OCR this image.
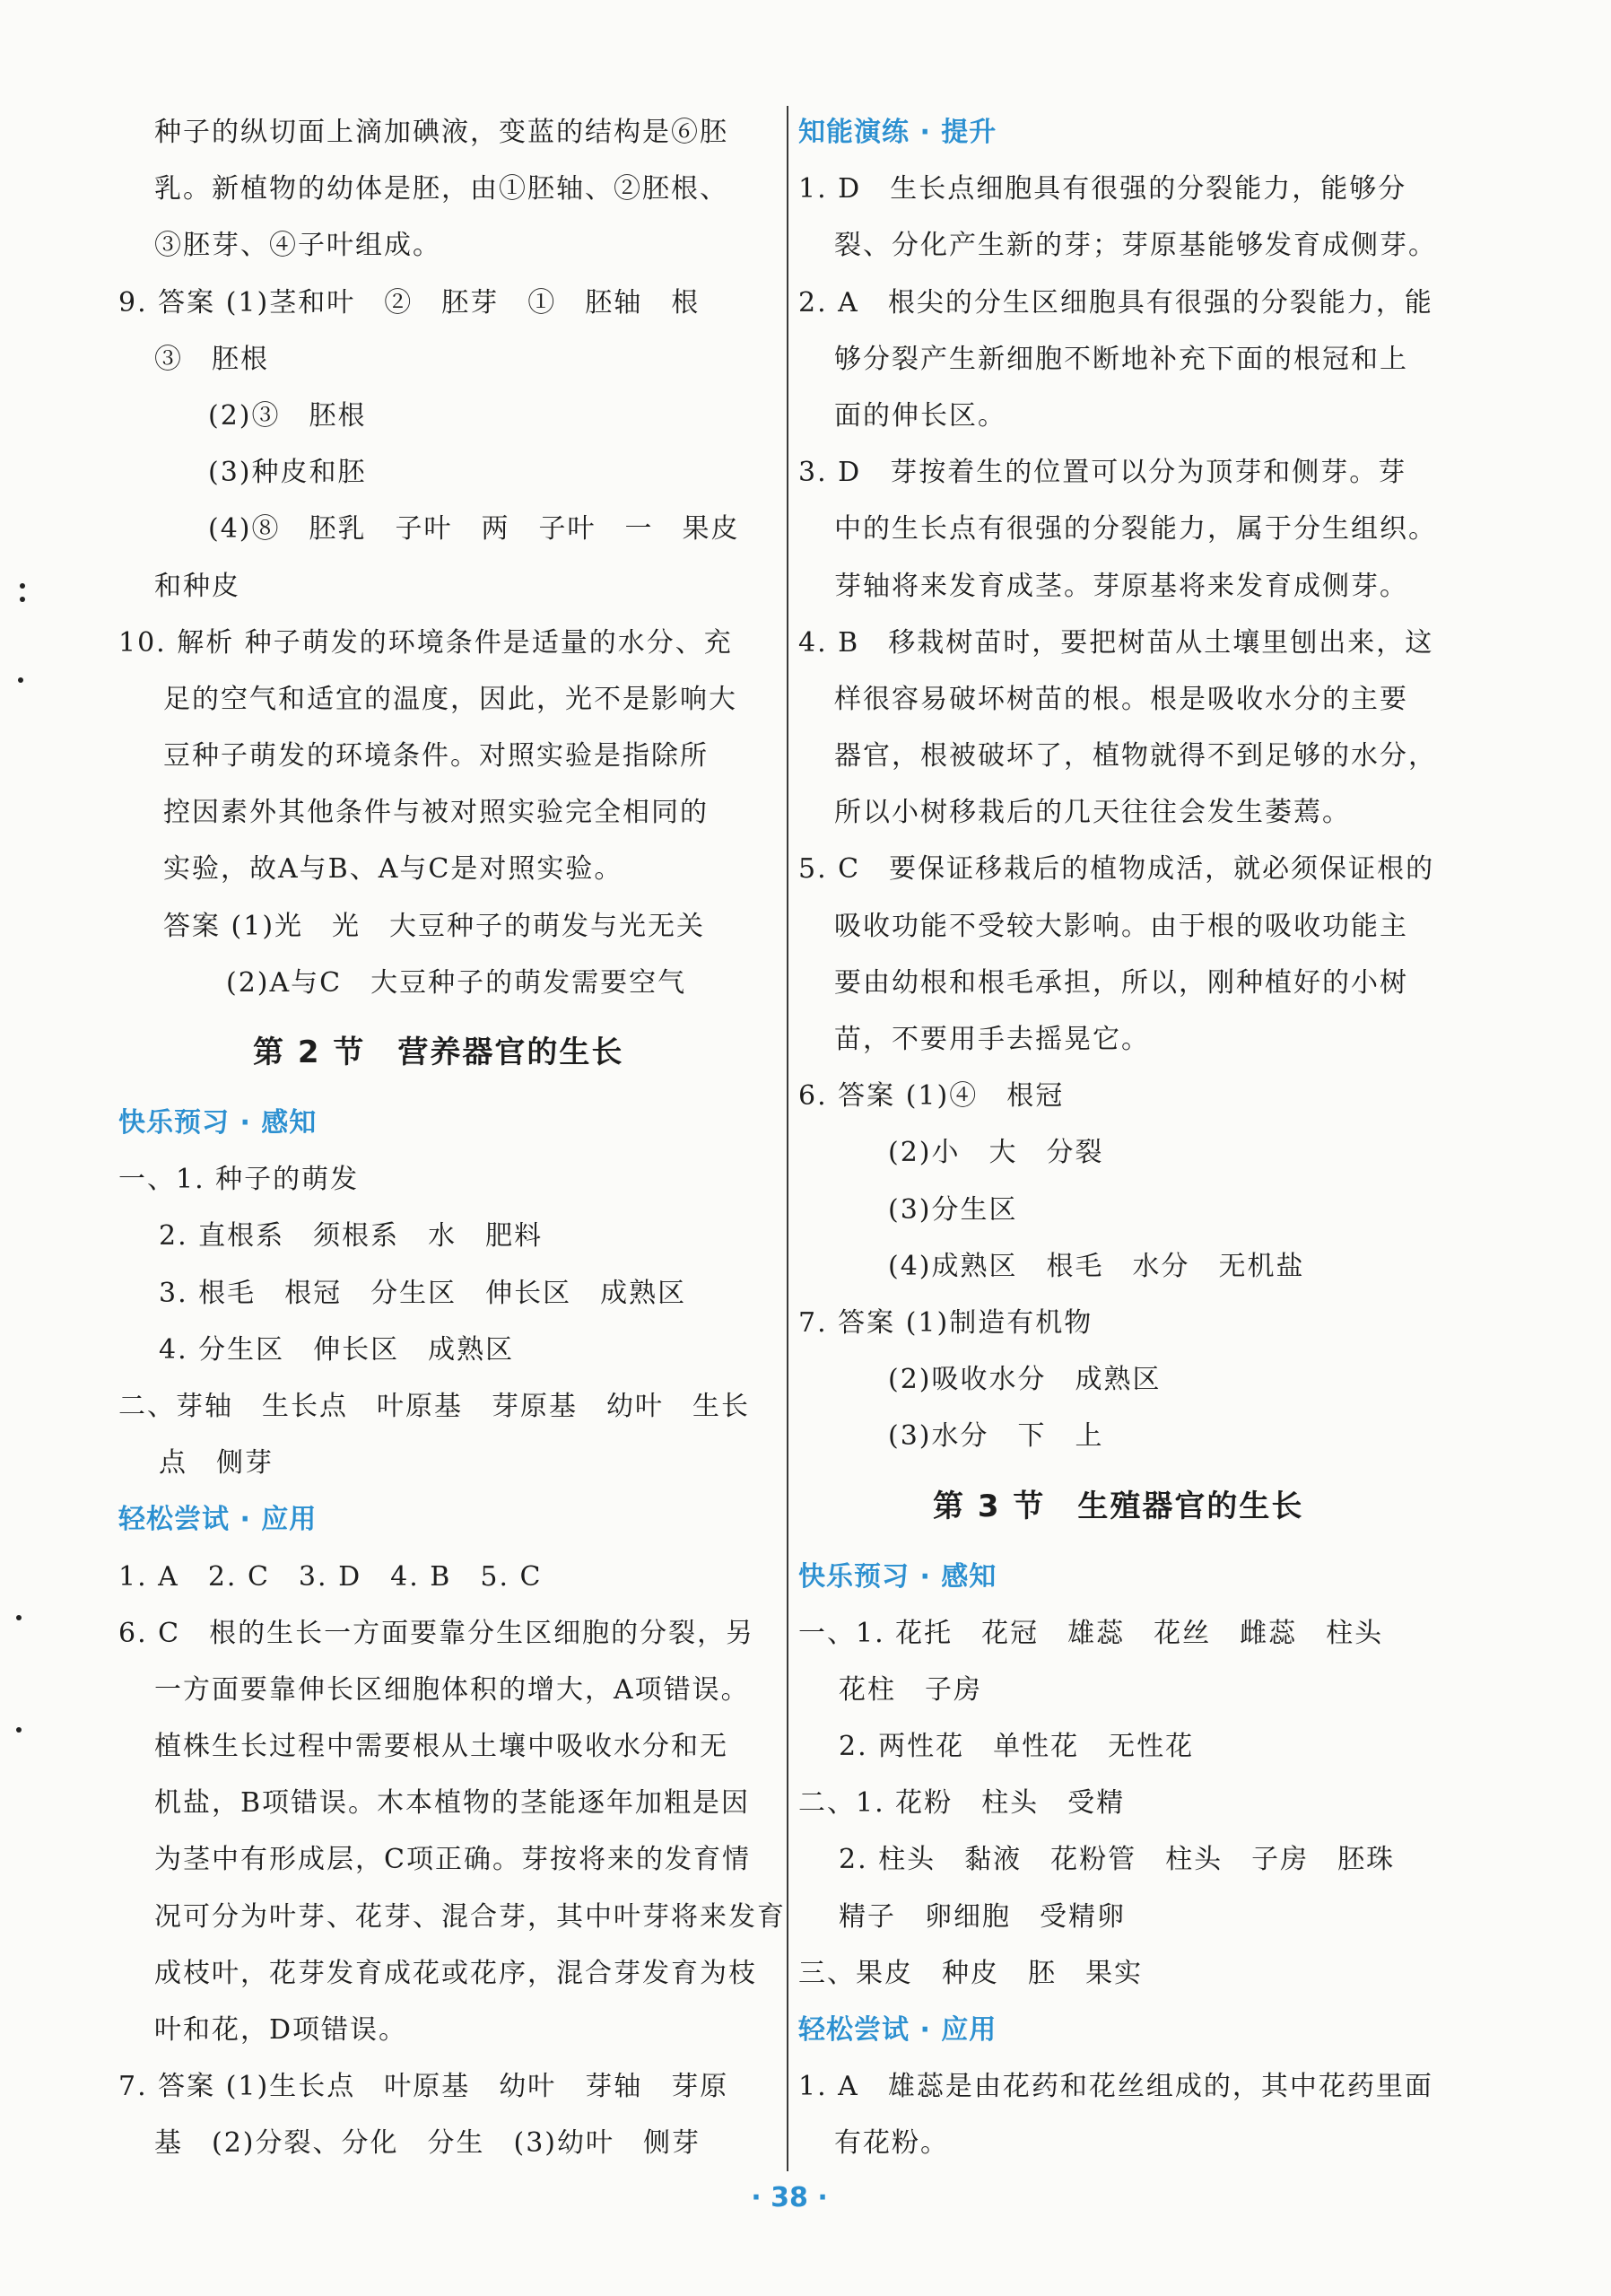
种子的纵切面上滴加碘液，变蓝的结构是⑥胚
乳。新植物的幼体是胚，由①胚轴、②胚根、
③胚芽、④子叶组成。
9. 答案 (1)茎和叶　②　胚芽　①　胚轴　根
③　胚根
(2)③　胚根
(3)种皮和胚
(4)⑧　胚乳　子叶　两　子叶　一　果皮
和种皮
10. 解析 种子萌发的环境条件是适量的水分、充
足的空气和适宜的温度，因此，光不是影响大
豆种子萌发的环境条件。对照实验是指除所
控因素外其他条件与被对照实验完全相同的
实验，故A与B、A与C是对照实验。
答案 (1)光　光　大豆种子的萌发与光无关
(2)A与C　大豆种子的萌发需要空气
第 2 节　营养器官的生长
快乐预习 · 感知
一、1. 种子的萌发
2. 直根系　须根系　水　肥料
3. 根毛　根冠　分生区　伸长区　成熟区
4. 分生区　伸长区　成熟区
二、芽轴　生长点　叶原基　芽原基　幼叶　生长
点　侧芽
轻松尝试 · 应用
1. A　2. C　3. D　4. B　5. C
6. C　根的生长一方面要靠分生区细胞的分裂，另
一方面要靠伸长区细胞体积的增大，A项错误。
植株生长过程中需要根从土壤中吸收水分和无
机盐，B项错误。木本植物的茎能逐年加粗是因
为茎中有形成层，C项正确。芽按将来的发育情
况可分为叶芽、花芽、混合芽，其中叶芽将来发育
成枝叶，花芽发育成花或花序，混合芽发育为枝
叶和花，D项错误。
7. 答案 (1)生长点　叶原基　幼叶　芽轴　芽原
基　(2)分裂、分化　分生　(3)幼叶　侧芽
知能演练 · 提升
1. D　生长点细胞具有很强的分裂能力，能够分
裂、分化产生新的芽；芽原基能够发育成侧芽。
2. A　根尖的分生区细胞具有很强的分裂能力，能
够分裂产生新细胞不断地补充下面的根冠和上
面的伸长区。
3. D　芽按着生的位置可以分为顶芽和侧芽。芽
中的生长点有很强的分裂能力，属于分生组织。
芽轴将来发育成茎。芽原基将来发育成侧芽。
4. B　移栽树苗时，要把树苗从土壤里刨出来，这
样很容易破坏树苗的根。根是吸收水分的主要
器官，根被破坏了，植物就得不到足够的水分，
所以小树移栽后的几天往往会发生萎蔫。
5. C　要保证移栽后的植物成活，就必须保证根的
吸收功能不受较大影响。由于根的吸收功能主
要由幼根和根毛承担，所以，刚种植好的小树
苗，不要用手去摇晃它。
6. 答案 (1)④　根冠
(2)小　大　分裂
(3)分生区
(4)成熟区　根毛　水分　无机盐
7. 答案 (1)制造有机物
(2)吸收水分　成熟区
(3)水分　下　上
第 3 节　生殖器官的生长
快乐预习 · 感知
一、1. 花托　花冠　雄蕊　花丝　雌蕊　柱头
花柱　子房
2. 两性花　单性花　无性花
二、1. 花粉　柱头　受精
2. 柱头　黏液　花粉管　柱头　子房　胚珠
精子　卵细胞　受精卵
三、果皮　种皮　胚　果实
轻松尝试 · 应用
1. A　雄蕊是由花药和花丝组成的，其中花药里面
有花粉。
· 38 ·
